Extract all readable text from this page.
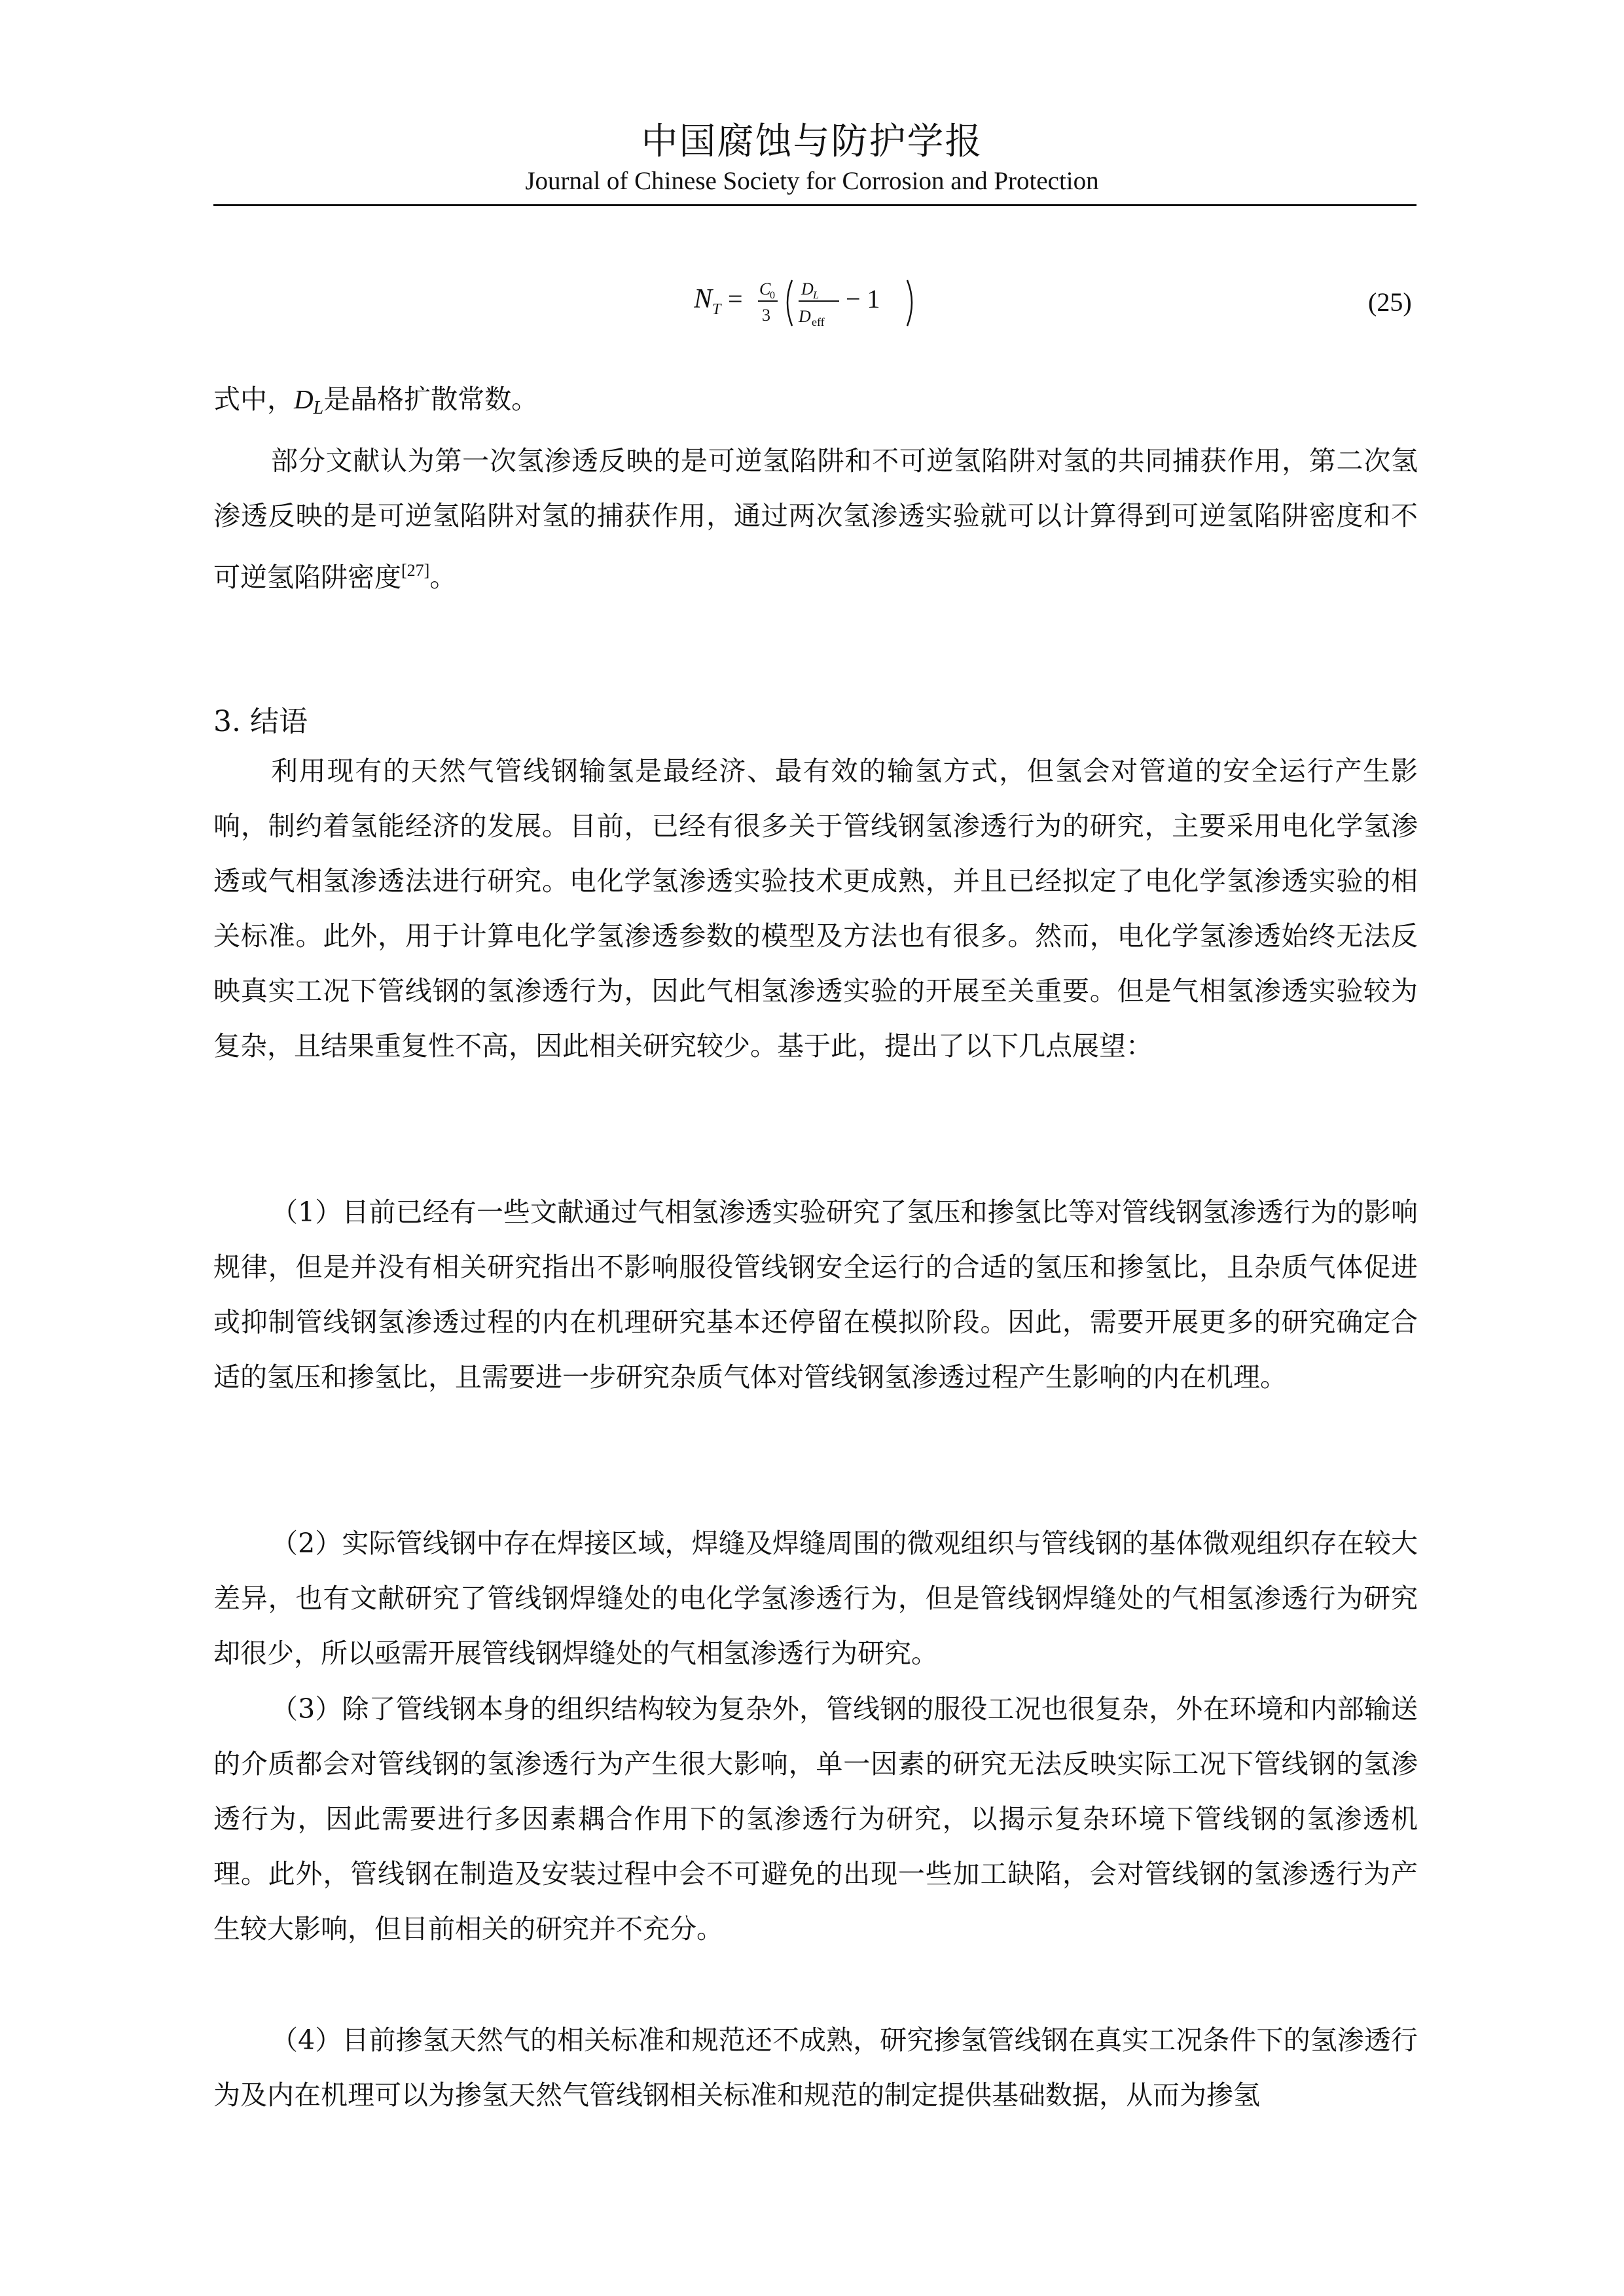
中国腐蚀与防护学报
Journal of Chinese Society for Corrosion and Protection
N T = C
0
3
D L
D eff
− 1	(25)

式中，DL是晶格扩散常数。

部分文献认为第一次氢渗透反映的是可逆氢陷阱和不可逆氢陷阱对氢的共同捕获作用，第二次氢渗透反映的是可逆氢陷阱对氢的捕获作用，通过两次氢渗透实验就可以计算得到可逆氢陷阱密度和不可逆氢陷阱密度[27]。

3. 结语

利用现有的天然气管线钢输氢是最经济、最有效的输氢方式，但氢会对管道的安全运行产生影响，制约着氢能经济的发展。目前，已经有很多关于管线钢氢渗透行为的研究，主要采用电化学氢渗透或气相氢渗透法进行研究。电化学氢渗透实验技术更成熟，并且已经拟定了电化学氢渗透实验的相关标准。此外，用于计算电化学氢渗透参数的模型及方法也有很多。然而，电化学氢渗透始终无法反映真实工况下管线钢的氢渗透行为，因此气相氢渗透实验的开展至关重要。但是气相氢渗透实验较为复杂，且结果重复性不高，因此相关研究较少。基于此，提出了以下几点展望：

（1）目前已经有一些文献通过气相氢渗透实验研究了氢压和掺氢比等对管线钢氢渗透行为的影响规律，但是并没有相关研究指出不影响服役管线钢安全运行的合适的氢压和掺氢比，且杂质气体促进或抑制管线钢氢渗透过程的内在机理研究基本还停留在模拟阶段。因此，需要开展更多的研究确定合适的氢压和掺氢比，且需要进一步研究杂质气体对管线钢氢渗透过程产生影响的内在机理。

（2）实际管线钢中存在焊接区域，焊缝及焊缝周围的微观组织与管线钢的基体微观组织存在较大差异，也有文献研究了管线钢焊缝处的电化学氢渗透行为，但是管线钢焊缝处的气相氢渗透行为研究却很少，所以亟需开展管线钢焊缝处的气相氢渗透行为研究。

（3）除了管线钢本身的组织结构较为复杂外，管线钢的服役工况也很复杂，外在环境和内部输送的介质都会对管线钢的氢渗透行为产生很大影响，单一因素的研究无法反映实际工况下管线钢的氢渗透行为，因此需要进行多因素耦合作用下的氢渗透行为研究，以揭示复杂环境下管线钢的氢渗透机理。此外，管线钢在制造及安装过程中会不可避免的出现一些加工缺陷，会对管线钢的氢渗透行为产生较大影响，但目前相关的研究并不充分。

（4）目前掺氢天然气的相关标准和规范还不成熟，研究掺氢管线钢在真实工况条件下的氢渗透行为及内在机理可以为掺氢天然气管线钢相关标准和规范的制定提供基础数据，从而为掺氢
